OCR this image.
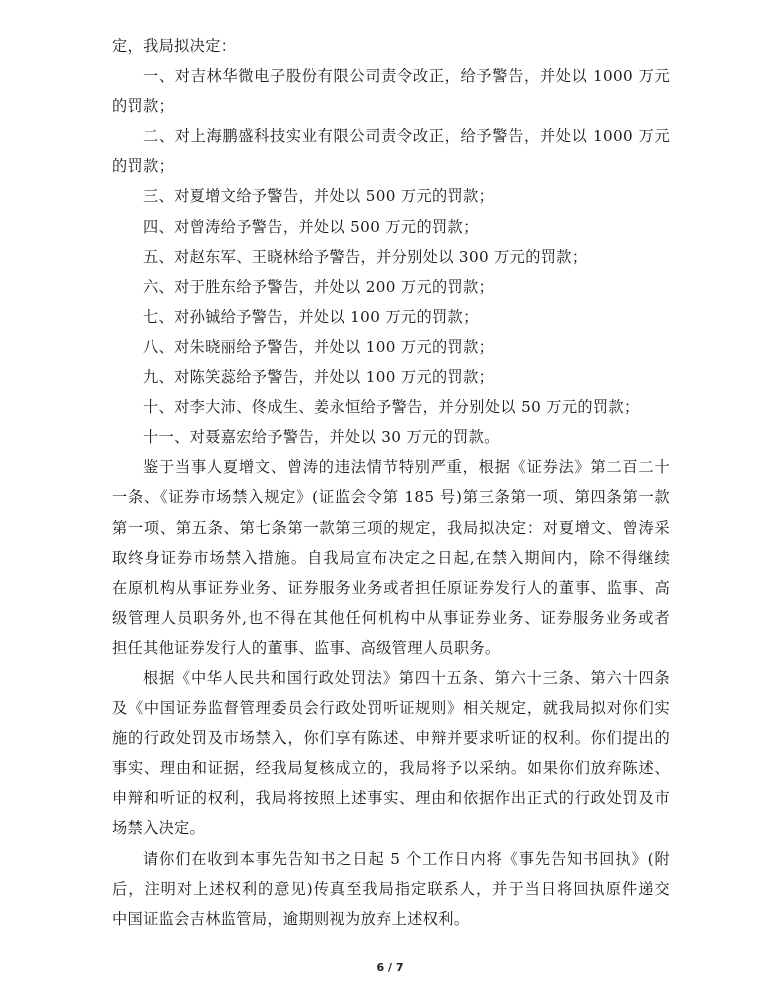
定，我局拟决定：
一、对吉林华微电子股份有限公司责令改正，给予警告，并处以 1000 万元
的罚款；
二、对上海鹏盛科技实业有限公司责令改正，给予警告，并处以 1000 万元
的罚款；
三、对夏增文给予警告，并处以 500 万元的罚款；
四、对曾涛给予警告，并处以 500 万元的罚款；
五、对赵东军、王晓林给予警告，并分别处以 300 万元的罚款；
六、对于胜东给予警告，并处以 200 万元的罚款；
七、对孙铖给予警告，并处以 100 万元的罚款；
八、对朱晓丽给予警告，并处以 100 万元的罚款；
九、对陈笑蕊给予警告，并处以 100 万元的罚款；
十、对李大沛、佟成生、姜永恒给予警告，并分别处以 50 万元的罚款；
十一、对聂嘉宏给予警告，并处以 30 万元的罚款。
鉴于当事人夏增文、曾涛的违法情节特别严重，根据《证券法》第二百二十
一条、《证券市场禁入规定》(证监会令第 185 号)第三条第一项、第四条第一款
第一项、第五条、第七条第一款第三项的规定，我局拟决定：对夏增文、曾涛采
取终身证券市场禁入措施。自我局宣布决定之日起,在禁入期间内，除不得继续
在原机构从事证券业务、证券服务业务或者担任原证券发行人的董事、监事、高
级管理人员职务外,也不得在其他任何机构中从事证券业务、证券服务业务或者
担任其他证券发行人的董事、监事、高级管理人员职务。
根据《中华人民共和国行政处罚法》第四十五条、第六十三条、第六十四条
及《中国证券监督管理委员会行政处罚听证规则》相关规定，就我局拟对你们实
施的行政处罚及市场禁入，你们享有陈述、申辩并要求听证的权利。你们提出的
事实、理由和证据，经我局复核成立的，我局将予以采纳。如果你们放弃陈述、
申辩和听证的权利，我局将按照上述事实、理由和依据作出正式的行政处罚及市
场禁入决定。
请你们在收到本事先告知书之日起 5 个工作日内将《事先告知书回执》(附
后，注明对上述权利的意见)传真至我局指定联系人，并于当日将回执原件递交
中国证监会吉林监管局，逾期则视为放弃上述权利。
6 / 7
